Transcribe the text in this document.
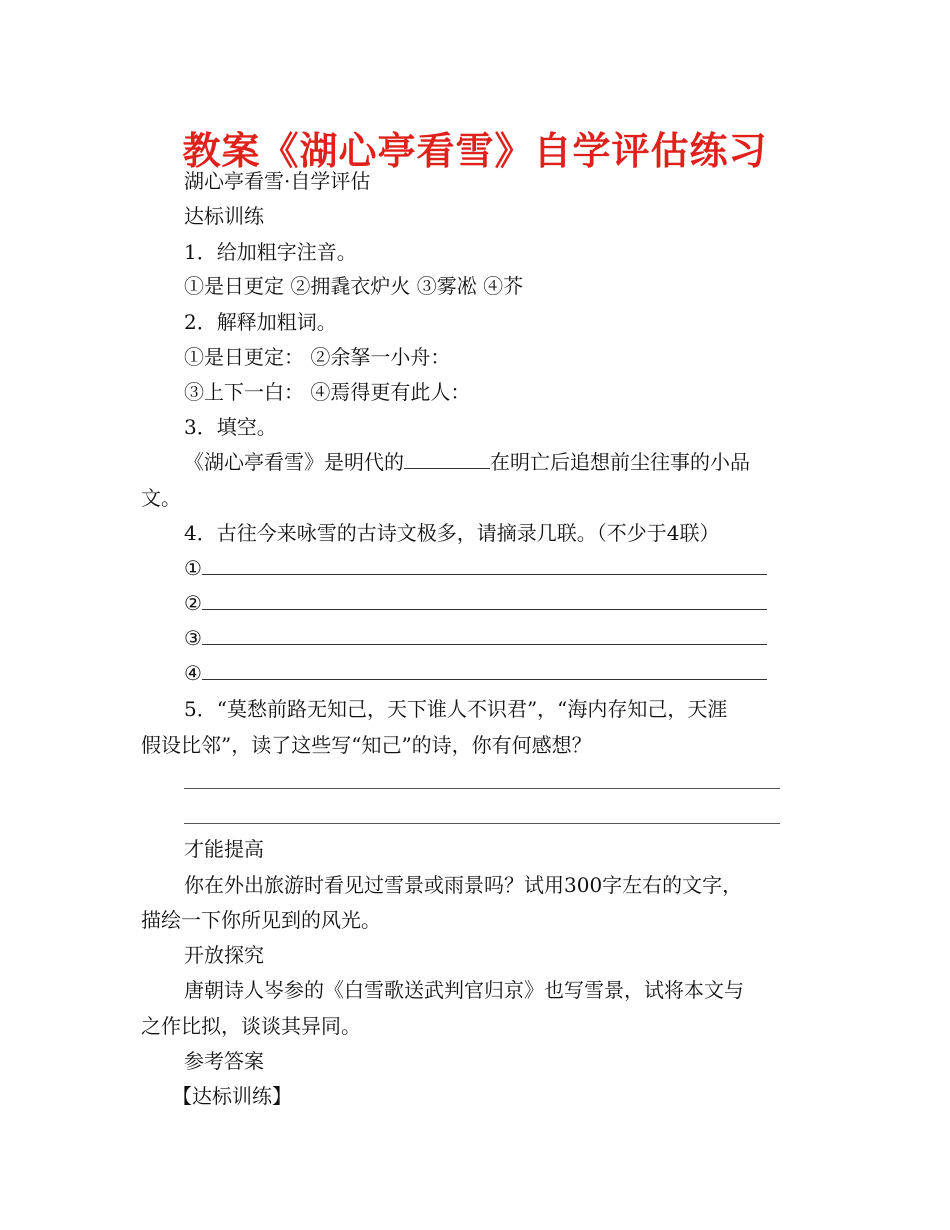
教案《湖心亭看雪》自学评估练习
湖心亭看雪·自学评估
达标训练
1．给加粗字注音。
①是日更定 ②拥毳衣炉火 ③雾凇 ④芥
2．解释加粗词。
①是日更定： ②余拏一小舟：
③上下一白： ④焉得更有此人：
3．填空。
《湖心亭看雪》是明代的	在明亡后追想前尘往事的小品
文。
4．古往今来咏雪的古诗文极多，请摘录几联。（不少于4联）
①
②
③
④
5．“莫愁前路无知己，天下谁人不识君”，“海内存知己，天涯
假设比邻”，读了这些写“知己”的诗，你有何感想？
才能提高
你在外出旅游时看见过雪景或雨景吗？试用300字左右的文字，
描绘一下你所见到的风光。
开放探究
唐朝诗人岑参的《白雪歌送武判官归京》也写雪景，试将本文与
之作比拟，谈谈其异同。
参考答案
【达标训练】
